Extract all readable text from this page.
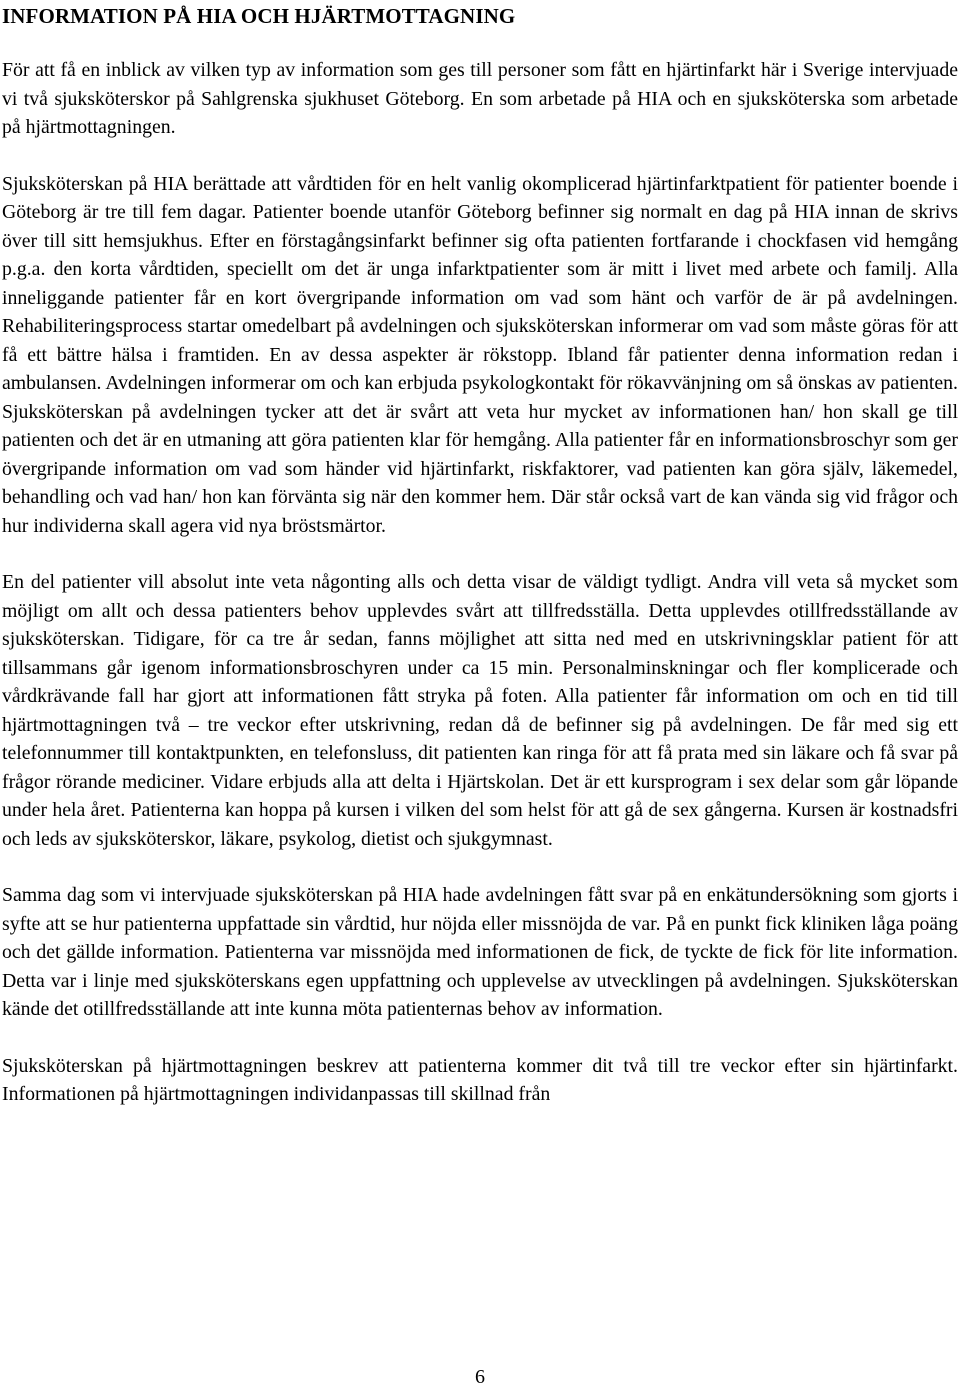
INFORMATION PÅ HIA OCH HJÄRTMOTTAGNING

För att få en inblick av vilken typ av information som ges till personer som fått en hjärtinfarkt här i Sverige intervjuade vi två sjuksköterskor på Sahlgrenska sjukhuset Göteborg. En som arbetade på HIA och en sjuksköterska som arbetade på hjärtmottagningen.

Sjuksköterskan på HIA berättade att vårdtiden för en helt vanlig okomplicerad hjärtinfarktpatient för patienter boende i Göteborg är tre till fem dagar. Patienter boende utanför Göteborg befinner sig normalt en dag på HIA innan de skrivs över till sitt hemsjukhus. Efter en förstagångsinfarkt befinner sig ofta patienten fortfarande i chockfasen vid hemgång p.g.a. den korta vårdtiden, speciellt om det är unga infarktpatienter som är mitt i livet med arbete och familj. Alla inneliggande patienter får en kort övergripande information om vad som hänt och varför de är på avdelningen. Rehabiliteringsprocess startar omedelbart på avdelningen och sjuksköterskan informerar om vad som måste göras för att få ett bättre hälsa i framtiden. En av dessa aspekter är rökstopp. Ibland får patienter denna information redan i ambulansen. Avdelningen informerar om och kan erbjuda psykologkontakt för rökavvänjning om så önskas av patienten. Sjuksköterskan på avdelningen tycker att det är svårt att veta hur mycket av informationen han/ hon skall ge till patienten och det är en utmaning att göra patienten klar för hemgång. Alla patienter får en informationsbroschyr som ger övergripande information om vad som händer vid hjärtinfarkt, riskfaktorer, vad patienten kan göra själv, läkemedel, behandling och vad han/ hon kan förvänta sig när den kommer hem. Där står också vart de kan vända sig vid frågor och hur individerna skall agera vid nya bröstsmärtor.

En del patienter vill absolut inte veta någonting alls och detta visar de väldigt tydligt. Andra vill veta så mycket som möjligt om allt och dessa patienters behov upplevdes svårt att tillfredsställa. Detta upplevdes otillfredsställande av sjuksköterskan. Tidigare, för ca tre år sedan, fanns möjlighet att sitta ned med en utskrivningsklar patient för att tillsammans går igenom informationsbroschyren under ca 15 min. Personalminskningar och fler komplicerade och vårdkrävande fall har gjort att informationen fått stryka på foten. Alla patienter får information om och en tid till hjärtmottagningen två – tre veckor efter utskrivning, redan då de befinner sig på avdelningen. De får med sig ett telefonnummer till kontaktpunkten, en telefonsluss, dit patienten kan ringa för att få prata med sin läkare och få svar på frågor rörande mediciner. Vidare erbjuds alla att delta i Hjärtskolan. Det är ett kursprogram i sex delar som går löpande under hela året. Patienterna kan hoppa på kursen i vilken del som helst för att gå de sex gångerna. Kursen är kostnadsfri och leds av sjuksköterskor, läkare, psykolog, dietist och sjukgymnast.

Samma dag som vi intervjuade sjuksköterskan på HIA hade avdelningen fått svar på en enkätundersökning som gjorts i syfte att se hur patienterna uppfattade sin vårdtid, hur nöjda eller missnöjda de var. På en punkt fick kliniken låga poäng och det gällde information. Patienterna var missnöjda med informationen de fick, de tyckte de fick för lite information. Detta var i linje med sjuksköterskans egen uppfattning och upplevelse av utvecklingen på avdelningen. Sjuksköterskan kände det otillfredsställande att inte kunna möta patienternas behov av information.

Sjuksköterskan på hjärtmottagningen beskrev att patienterna kommer dit två till tre veckor efter sin hjärtinfarkt. Informationen på hjärtmottagningen individanpassas till skillnad från

6
